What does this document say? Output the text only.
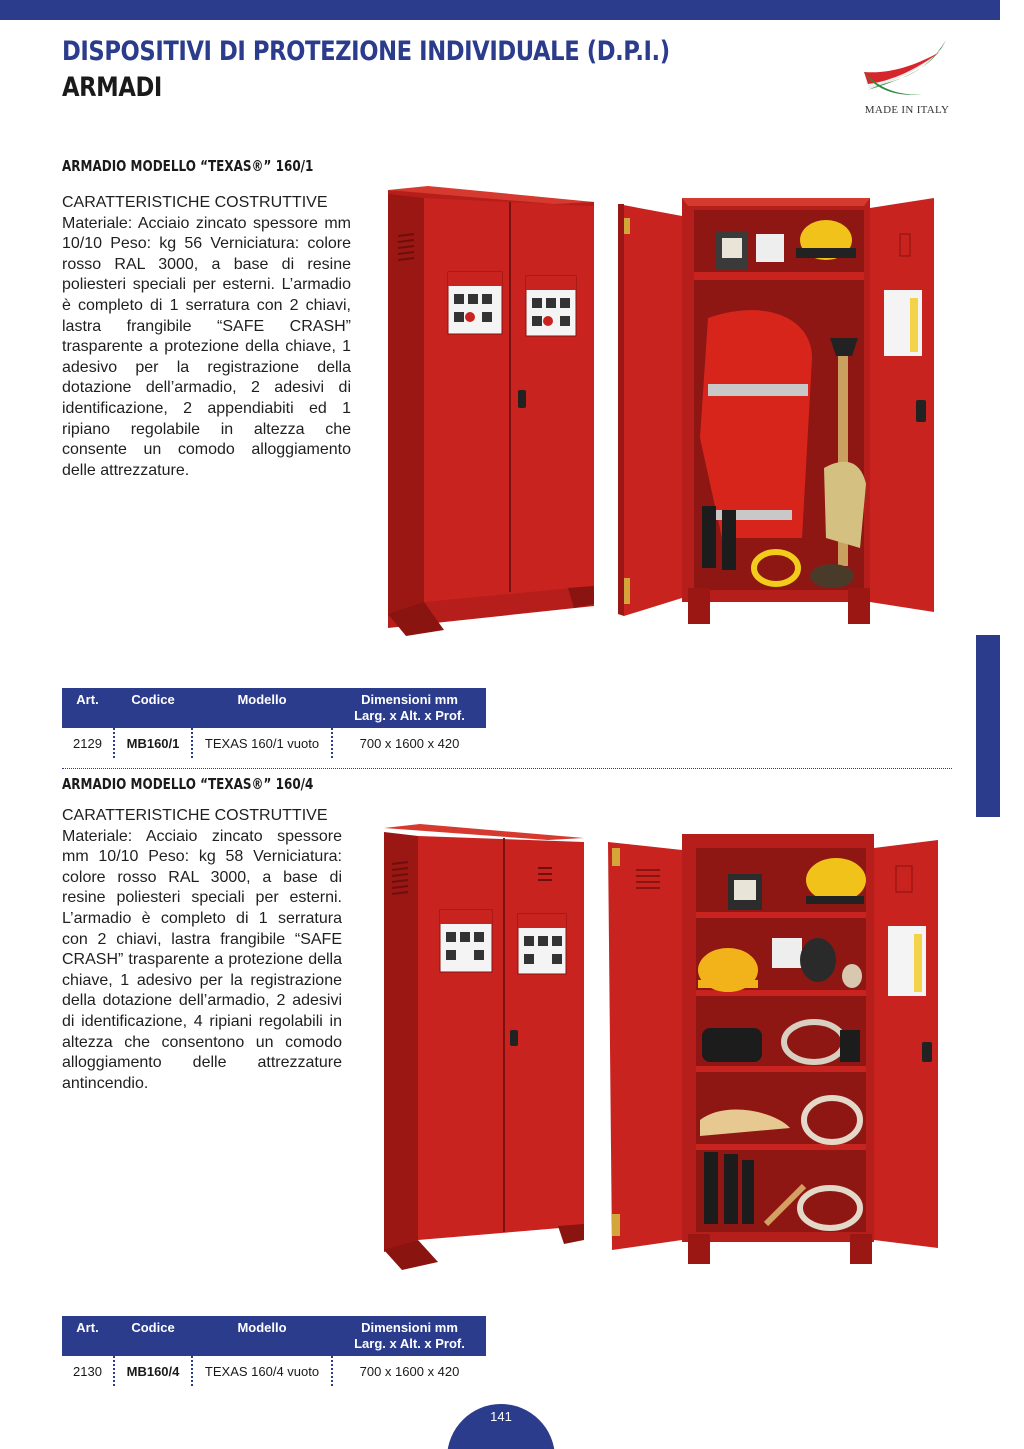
DISPOSITIVI DI PROTEZIONE INDIVIDUALE (D.P.I.)
ARMADI
MADE IN ITALY
ARMADIO MODELLO “TEXAS®” 160/1

CARATTERISTICHE COSTRUTTIVE

Materiale: Acciaio zincato spessore mm 10/10 Peso: kg 56 Verniciatura: colore rosso RAL 3000, a base di resine poliesteri speciali per esterni. L’armadio è completo di 1 serratura con 2 chiavi, lastra frangibile “SAFE CRASH” trasparente a protezione della chiave, 1 adesivo per la registrazione della dotazione dell’armadio, 2 adesivi di identificazione, 2 appendiabiti ed 1 ripiano regolabile in altezza che consente un comodo alloggiamento delle attrezzature.

Art.	Codice	Modello	Dimensioni mm
Larg. x Alt. x Prof.
2129	MB160/1	TEXAS 160/1 vuoto	700 x 1600 x 420
ARMADIO MODELLO “TEXAS®” 160/4

CARATTERISTICHE COSTRUTTIVE

Materiale: Acciaio zincato spessore mm 10/10 Peso: kg 58 Verniciatura: colore rosso RAL 3000, a base di resine poliesteri speciali per esterni. L’armadio è completo di 1 serratura con 2 chiavi, lastra frangibile “SAFE CRASH” trasparente a protezione della chiave, 1 adesivo per la registrazione della dotazione dell’armadio, 2 adesivi di identificazione, 4 ripiani regolabili in altezza che consentono un comodo alloggiamento delle attrezzature antincendio.

Art.	Codice	Modello	Dimensioni mm
Larg. x Alt. x Prof.
2130	MB160/4	TEXAS 160/4 vuoto	700 x 1600 x 420
141
